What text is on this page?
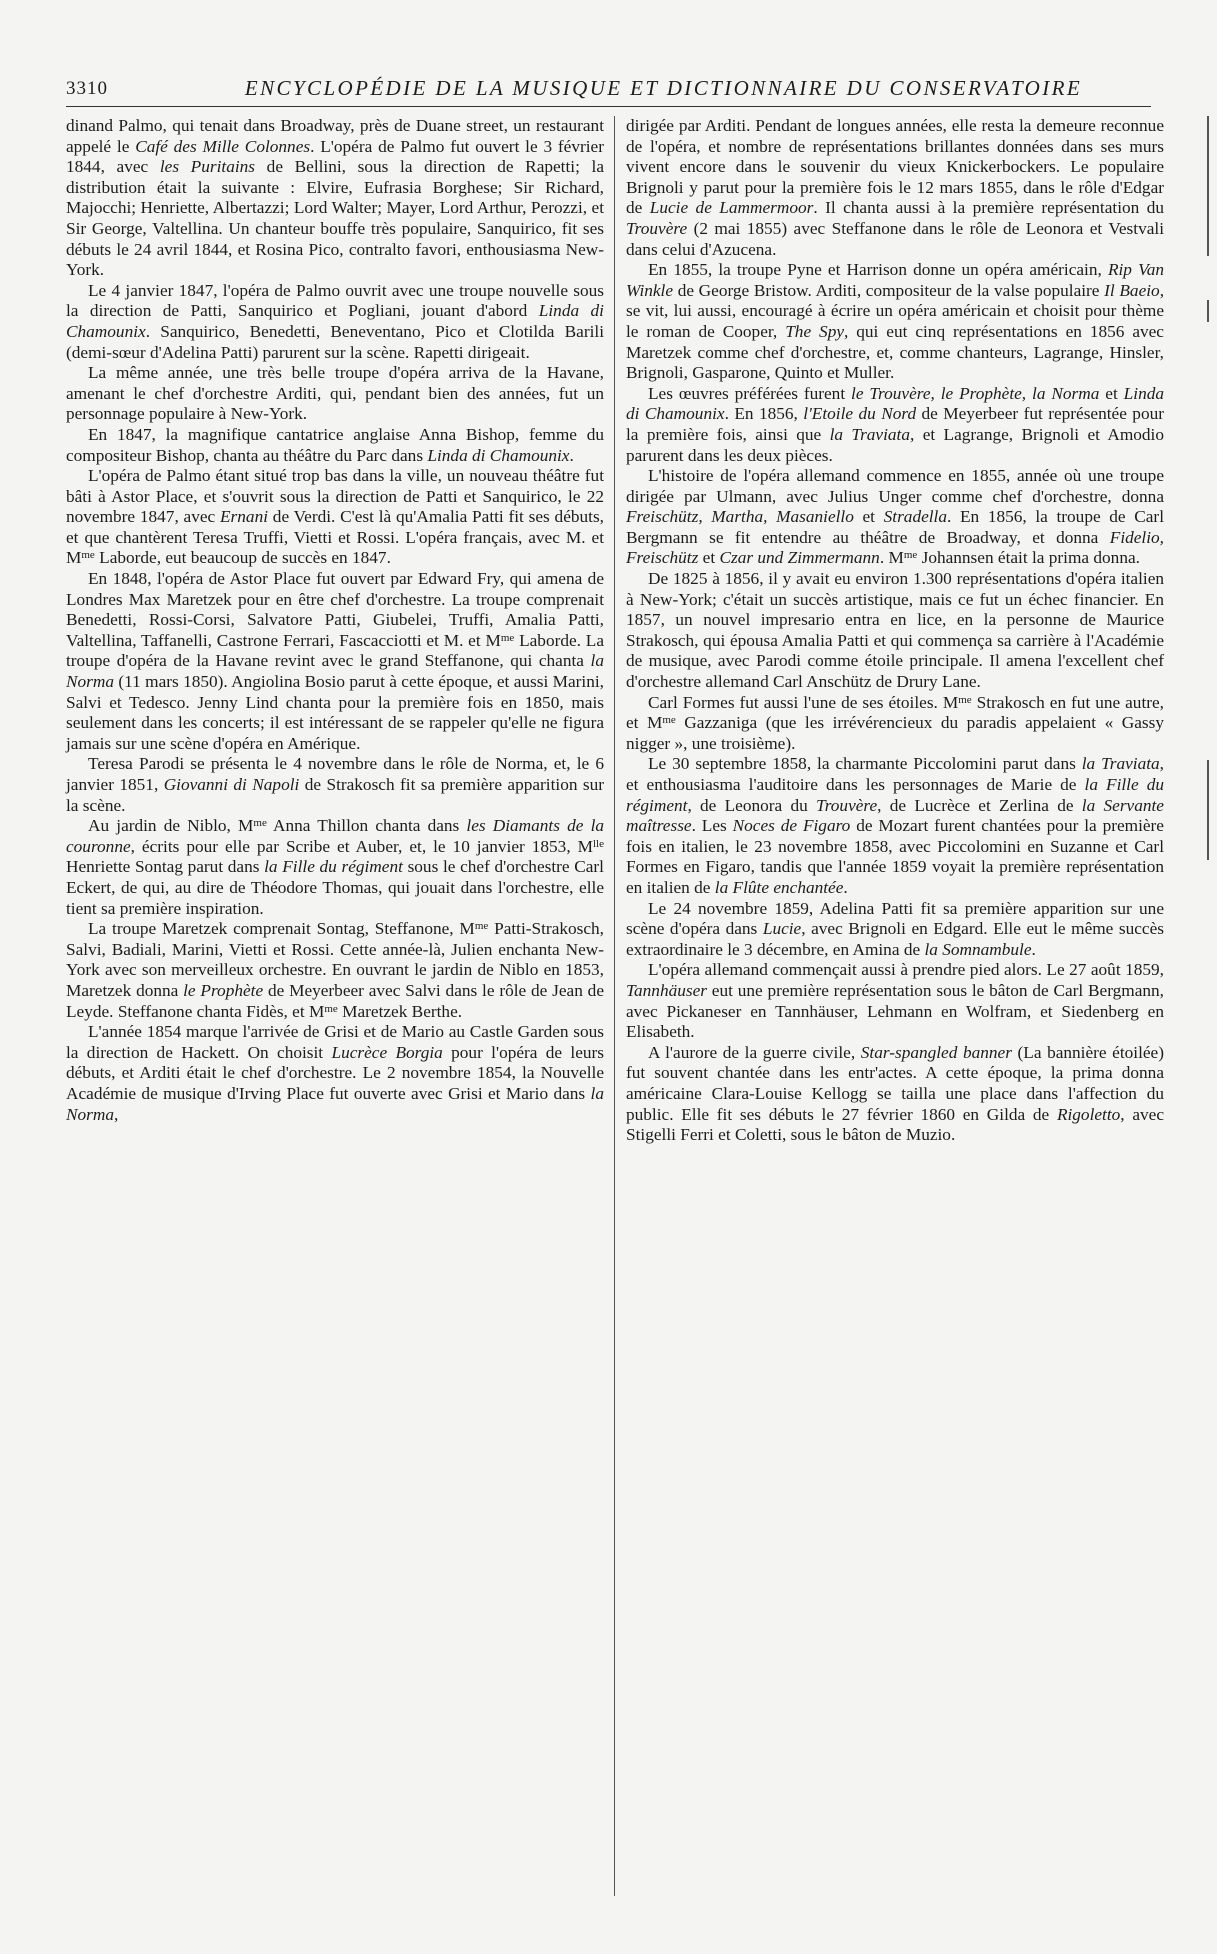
3310	ENCYCLOPÉDIE DE LA MUSIQUE ET DICTIONNAIRE DU CONSERVATOIRE

dinand Palmo, qui tenait dans Broadway, près de Duane street, un restaurant appelé le Café des Mille Colonnes. L'opéra de Palmo fut ouvert le 3 février 1844, avec les Puritains de Bellini, sous la direction de Rapetti; la distribution était la suivante : Elvire, Eufrasia Borghese; Sir Richard, Majocchi; Henriette, Albertazzi; Lord Walter; Mayer, Lord Arthur, Perozzi, et Sir George, Valtellina. Un chanteur bouffe très populaire, Sanquirico, fit ses débuts le 24 avril 1844, et Rosina Pico, contralto favori, enthousiasma New-York.

Le 4 janvier 1847, l'opéra de Palmo ouvrit avec une troupe nouvelle sous la direction de Patti, Sanquirico et Pogliani, jouant d'abord Linda di Chamounix. Sanquirico, Benedetti, Beneventano, Pico et Clotilda Barili (demi-sœur d'Adelina Patti) parurent sur la scène. Rapetti dirigeait.

La même année, une très belle troupe d'opéra arriva de la Havane, amenant le chef d'orchestre Arditi, qui, pendant bien des années, fut un personnage populaire à New-York.

En 1847, la magnifique cantatrice anglaise Anna Bishop, femme du compositeur Bishop, chanta au théâtre du Parc dans Linda di Chamounix.

L'opéra de Palmo étant situé trop bas dans la ville, un nouveau théâtre fut bâti à Astor Place, et s'ouvrit sous la direction de Patti et Sanquirico, le 22 novembre 1847, avec Ernani de Verdi. C'est là qu'Amalia Patti fit ses débuts, et que chantèrent Teresa Truffi, Vietti et Rossi. L'opéra français, avec M. et $M^{me}$ Laborde, eut beaucoup de succès en 1847.

En 1848, l'opéra de Astor Place fut ouvert par Edward Fry, qui amena de Londres Max Maretzek pour en être chef d'orchestre. La troupe comprenait Benedetti, Rossi-Corsi, Salvatore Patti, Giubelei, Truffi, Amalia Patti, Valtellina, Taffanelli, Castrone Ferrari, Fascacciotti et M. et $M^{me}$ Laborde. La troupe d'opéra de la Havane revint avec le grand Steffanone, qui chanta la Norma (11 mars 1850). Angiolina Bosio parut à cette époque, et aussi Marini, Salvi et Tedesco. Jenny Lind chanta pour la première fois en 1850, mais seulement dans les concerts; il est intéressant de se rappeler qu'elle ne figura jamais sur une scène d'opéra en Amérique.

Teresa Parodi se présenta le 4 novembre dans le rôle de Norma, et, le 6 janvier 1851, Giovanni di Napoli de Strakosch fit sa première apparition sur la scène.

Au jardin de Niblo, $M^{me}$ Anna Thillon chanta dans les Diamants de la couronne, écrits pour elle par Scribe et Auber, et, le 10 janvier 1853, $M^{lle}$ Henriette Sontag parut dans la Fille du régiment sous le chef d'orchestre Carl Eckert, de qui, au dire de Théodore Thomas, qui jouait dans l'orchestre, elle tient sa première inspiration.

La troupe Maretzek comprenait Sontag, Steffanone, $M^{me}$ Patti-Strakosch, Salvi, Badiali, Marini, Vietti et Rossi. Cette année-là, Julien enchanta New-York avec son merveilleux orchestre. En ouvrant le jardin de Niblo en 1853, Maretzek donna le Prophète de Meyerbeer avec Salvi dans le rôle de Jean de Leyde. Steffanone chanta Fidès, et $M^{me}$ Maretzek Berthe.

L'année 1854 marque l'arrivée de Grisi et de Mario au Castle Garden sous la direction de Hackett. On choisit Lucrèce Borgia pour l'opéra de leurs débuts, et Arditi était le chef d'orchestre. Le 2 novembre 1854, la Nouvelle Académie de musique d'Irving Place fut ouverte avec Grisi et Mario dans la Norma,

dirigée par Arditi. Pendant de longues années, elle resta la demeure reconnue de l'opéra, et nombre de représentations brillantes données dans ses murs vivent encore dans le souvenir du vieux Knickerbockers. Le populaire Brignoli y parut pour la première fois le 12 mars 1855, dans le rôle d'Edgar de Lucie de Lammermoor. Il chanta aussi à la première représentation du Trouvère (2 mai 1855) avec Steffanone dans le rôle de Leonora et Vestvali dans celui d'Azucena.

En 1855, la troupe Pyne et Harrison donne un opéra américain, Rip Van Winkle de George Bristow. Arditi, compositeur de la valse populaire Il Baeio, se vit, lui aussi, encouragé à écrire un opéra américain et choisit pour thème le roman de Cooper, The Spy, qui eut cinq représentations en 1856 avec Maretzek comme chef d'orchestre, et, comme chanteurs, Lagrange, Hinsler, Brignoli, Gasparone, Quinto et Muller.

Les œuvres préférées furent le Trouvère, le Prophète, la Norma et Linda di Chamounix. En 1856, l'Etoile du Nord de Meyerbeer fut représentée pour la première fois, ainsi que la Traviata, et Lagrange, Brignoli et Amodio parurent dans les deux pièces.

L'histoire de l'opéra allemand commence en 1855, année où une troupe dirigée par Ulmann, avec Julius Unger comme chef d'orchestre, donna Freischütz, Martha, Masaniello et Stradella. En 1856, la troupe de Carl Bergmann se fit entendre au théâtre de Broadway, et donna Fidelio, Freischütz et Czar und Zimmermann. $M^{me}$ Johannsen était la prima donna.

De 1825 à 1856, il y avait eu environ 1.300 représentations d'opéra italien à New-York; c'était un succès artistique, mais ce fut un échec financier. En 1857, un nouvel impresario entra en lice, en la personne de Maurice Strakosch, qui épousa Amalia Patti et qui commença sa carrière à l'Académie de musique, avec Parodi comme étoile principale. Il amena l'excellent chef d'orchestre allemand Carl Anschütz de Drury Lane.

Carl Formes fut aussi l'une de ses étoiles. $M^{me}$ Strakosch en fut une autre, et $M^{me}$ Gazzaniga (que les irrévérencieux du paradis appelaient « Gassy nigger », une troisième).

Le 30 septembre 1858, la charmante Piccolomini parut dans la Traviata, et enthousiasma l'auditoire dans les personnages de Marie de la Fille du régiment, de Leonora du Trouvère, de Lucrèce et Zerlina de la Servante maîtresse. Les Noces de Figaro de Mozart furent chantées pour la première fois en italien, le 23 novembre 1858, avec Piccolomini en Suzanne et Carl Formes en Figaro, tandis que l'année 1859 voyait la première représentation en italien de la Flûte enchantée.

Le 24 novembre 1859, Adelina Patti fit sa première apparition sur une scène d'opéra dans Lucie, avec Brignoli en Edgard. Elle eut le même succès extraordinaire le 3 décembre, en Amina de la Somnambule.

L'opéra allemand commençait aussi à prendre pied alors. Le 27 août 1859, Tannhäuser eut une première représentation sous le bâton de Carl Bergmann, avec Pickaneser en Tannhäuser, Lehmann en Wolfram, et Siedenberg en Elisabeth.

A l'aurore de la guerre civile, Star-spangled banner (La bannière étoilée) fut souvent chantée dans les entr'actes. A cette époque, la prima donna américaine Clara-Louise Kellogg se tailla une place dans l'affection du public. Elle fit ses débuts le 27 février 1860 en Gilda de Rigoletto, avec Stigelli Ferri et Coletti, sous le bâton de Muzio.
